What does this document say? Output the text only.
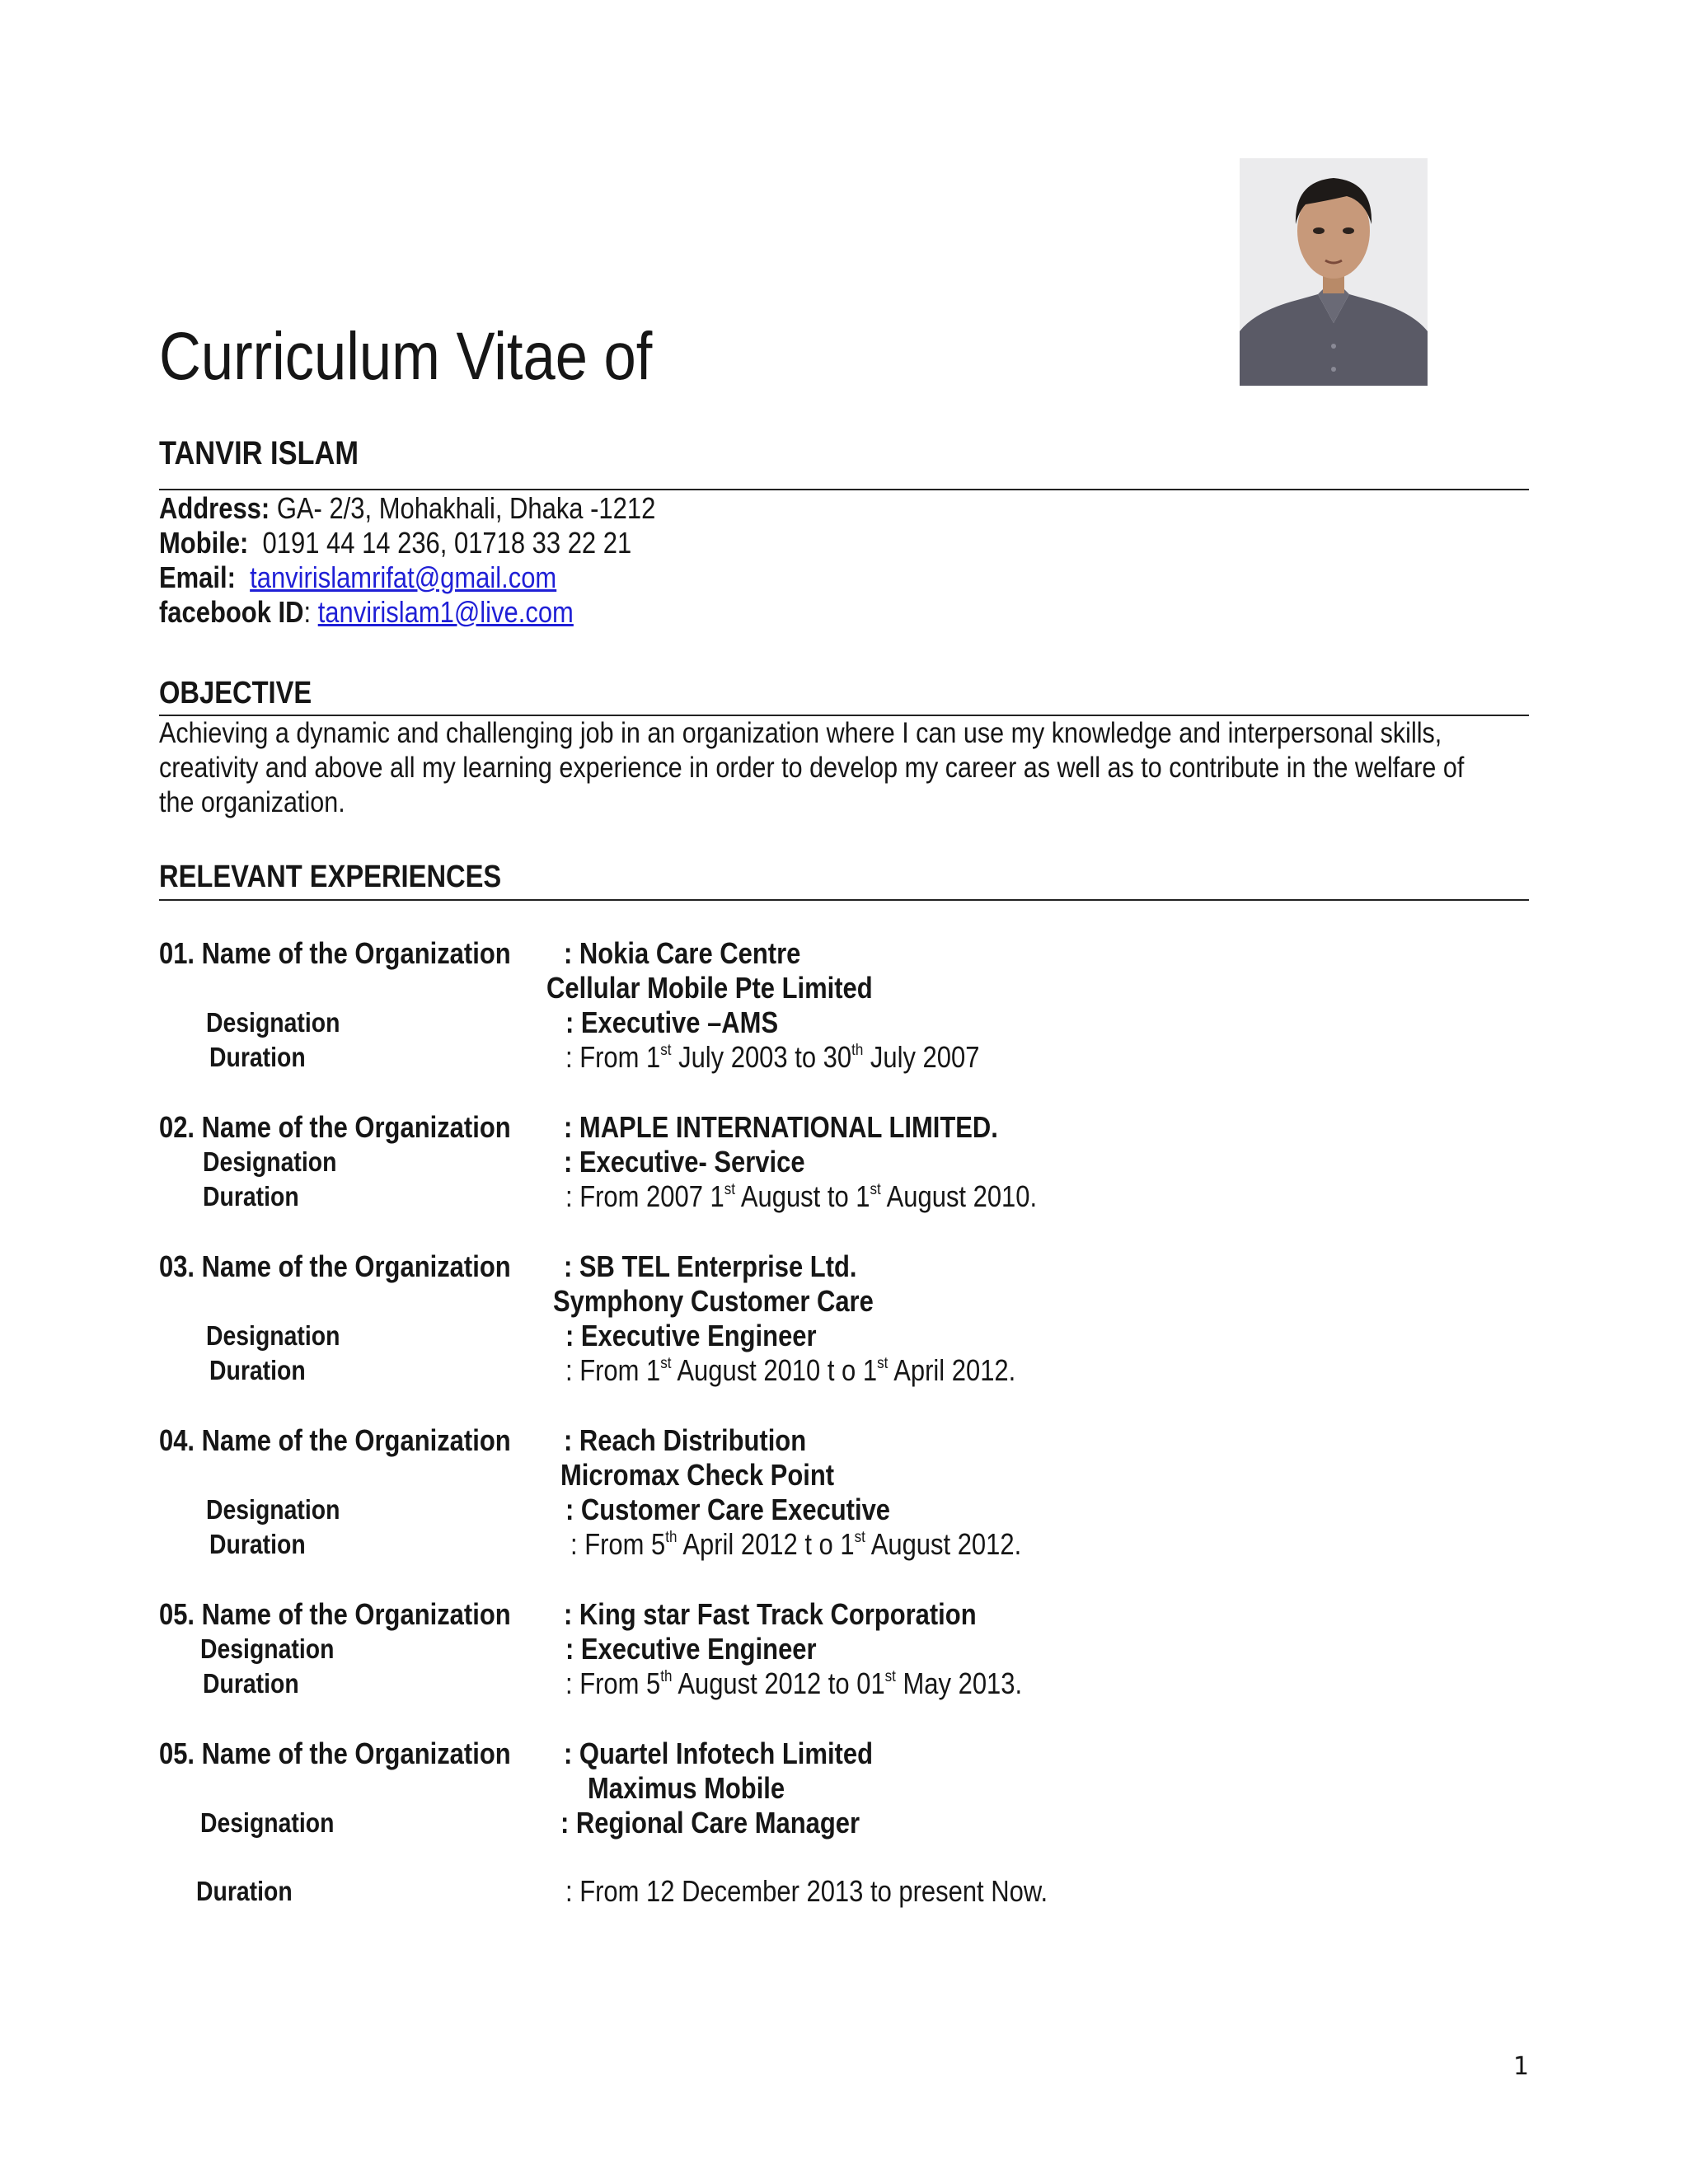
Curriculum Vitae of
TANVIR ISLAM
Address: GA- 2/3, Mohakhali, Dhaka -1212
Mobile: 0191 44 14 236, 01718 33 22 21
Email: tanvirislamrifat@gmail.com
facebook ID: tanvirislam1@live.com
OBJECTIVE
Achieving a dynamic and challenging job in an organization where I can use my knowledge and interpersonal skills, creativity and above all my learning experience in order to develop my career as well as to contribute in the welfare of the organization.
RELEVANT EXPERIENCES
01. Name of the Organization	: Nokia Care Centre
Cellular Mobile Pte Limited
Designation	: Executive –AMS
Duration	: From 1st July 2003 to 30th July 2007
02. Name of the Organization	: MAPLE INTERNATIONAL LIMITED.
Designation	: Executive- Service
Duration	: From 2007 1st August to 1st August 2010.
03. Name of the Organization	: SB TEL Enterprise Ltd.
Symphony Customer Care
Designation	: Executive Engineer
Duration	: From 1st August 2010 t o 1st April 2012.
04. Name of the Organization	: Reach Distribution
Micromax Check Point
Designation	: Customer Care Executive
Duration	: From 5th April 2012 t o 1st August 2012.
05. Name of the Organization	: King star Fast Track Corporation
Designation	: Executive Engineer
Duration	: From 5th August 2012 to 01st May 2013.
05. Name of the Organization	: Quartel Infotech Limited
Maximus Mobile
Designation	: Regional Care Manager
Duration	: From 12 December 2013 to present Now.
1
